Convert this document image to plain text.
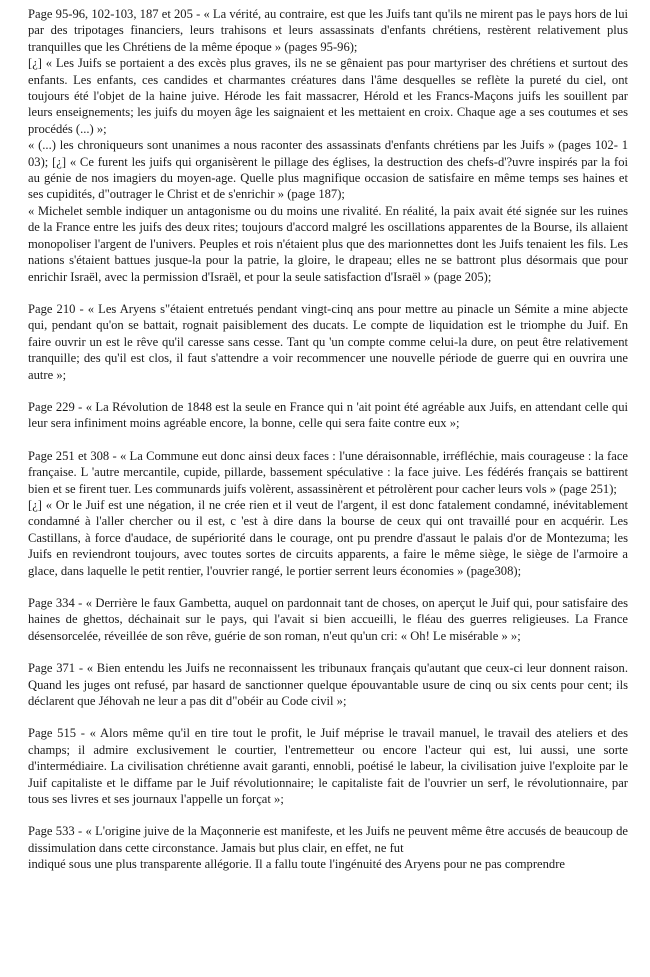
Page 95-96, 102-103, 187 et 205 - « La vérité, au contraire, est que les Juifs tant qu'ils ne mirent pas le pays hors de lui par des tripotages financiers, leurs trahisons et leurs assassinats d'enfants chrétiens, restèrent relativement plus tranquilles que les Chrétiens de la même époque » (pages 95-96);
[¿] « Les Juifs se portaient a des excès plus graves, ils ne se gênaient pas pour martyriser des chrétiens et surtout des enfants. Les enfants, ces candides et charmantes créatures dans l'âme desquelles se reflète la pureté du ciel, ont toujours été l'objet de la haine juive. Hérode les fait massacrer, Hérold et les Francs-Maçons juifs les souillent par leurs enseignements; les juifs du moyen âge les saignaient et les mettaient en croix. Chaque age a ses coutumes et ses procédés (...) »;
« (...) les chroniqueurs sont unanimes a nous raconter des assassinats d'enfants chrétiens par les Juifs » (pages 102- 1 03); [¿] « Ce furent les juifs qui organisèrent le pillage des églises, la destruction des chefs-d'?uvre inspirés par la foi au génie de nos imagiers du moyen-age. Quelle plus magnifique occasion de satisfaire en même temps ses haines et ses cupidités, d"outrager le Christ et de s'enrichir » (page 187);
« Michelet semble indiquer un antagonisme ou du moins une rivalité. En réalité, la paix avait été signée sur les ruines de la France entre les juifs des deux rites; toujours d'accord malgré les oscillations apparentes de la Bourse, ils allaient monopoliser l'argent de l'univers. Peuples et rois n'étaient plus que des marionnettes dont les Juifs tenaient les fils. Les nations s'étaient battues jusque-la pour la patrie, la gloire, le drapeau; elles ne se battront plus désormais que pour enrichir Israël, avec la permission d'Israël, et pour la seule satisfaction d'Israël » (page 205);
Page 210 - « Les Aryens s"étaient entretués pendant vingt-cinq ans pour mettre au pinacle un Sémite a mine abjecte qui, pendant qu'on se battait, rognait paisiblement des ducats. Le compte de liquidation est le triomphe du Juif. En faire ouvrir un est le rêve qu'il caresse sans cesse. Tant qu 'un compte comme celui-la dure, on peut être relativement tranquille; des qu'il est clos, il faut s'attendre a voir recommencer une nouvelle période de guerre qui en ouvrira une autre »;
Page 229 - « La Révolution de 1848 est la seule en France qui n 'ait point été agréable aux Juifs, en attendant celle qui leur sera infiniment moins agréable encore, la bonne, celle qui sera faite contre eux »;
Page 251 et 308 - « La Commune eut donc ainsi deux faces : l'une déraisonnable, irréfléchie, mais courageuse : la face française. L 'autre mercantile, cupide, pillarde, bassement spéculative : la face juive. Les fédérés français se battirent bien et se firent tuer. Les communards juifs volèrent, assassinèrent et pétrolèrent pour cacher leurs vols » (page 251);
[¿] « Or le Juif est une négation, il ne crée rien et il veut de l'argent, il est donc fatalement condamné, inévitablement condamné à l'aller chercher ou il est, c 'est à dire dans la bourse de ceux qui ont travaillé pour en acquérir. Les Castillans, à force d'audace, de supériorité dans le courage, ont pu prendre d'assaut le palais d'or de Montezuma; les Juifs en reviendront toujours, avec toutes sortes de circuits apparents, a faire le même siège, le siège de l'armoire a glace, dans laquelle le petit rentier, l'ouvrier rangé, le portier serrent leurs économies » (page308);
Page 334 - « Derrière le faux Gambetta, auquel on pardonnait tant de choses, on aperçut le Juif qui, pour satisfaire des haines de ghettos, déchainait sur le pays, qui l'avait si bien accueilli, le fléau des guerres religieuses. La France désensorcelée, réveillée de son rêve, guérie de son roman, n'eut qu'un cri: « Oh! Le misérable » »;
Page 371 - « Bien entendu les Juifs ne reconnaissent les tribunaux français qu'autant que ceux-ci leur donnent raison. Quand les juges ont refusé, par hasard de sanctionner quelque épouvantable usure de cinq ou six cents pour cent; ils déclarent que Jéhovah ne leur a pas dit d"obéir au Code civil »;
Page 515 - « Alors même qu'il en tire tout le profit, le Juif méprise le travail manuel, le travail des ateliers et des champs; il admire exclusivement le courtier, l'entremetteur ou encore l'acteur qui est, lui aussi, une sorte d'intermédiaire. La civilisation chrétienne avait garanti, ennobli, poétisé le labeur, la civilisation juive l'exploite par le Juif capitaliste et le diffame par le Juif révolutionnaire; le capitaliste fait de l'ouvrier un serf, le révolutionnaire, par tous ses livres et ses journaux l'appelle un forçat »;
Page 533 - « L'origine juive de la Maçonnerie est manifeste, et les Juifs ne peuvent même être accusés de beaucoup de dissimulation dans cette circonstance. Jamais but plus clair, en effet, ne fut
indiqué sous une plus transparente allégorie. Il a fallu toute l'ingénuité des Aryens pour ne pas comprendre
